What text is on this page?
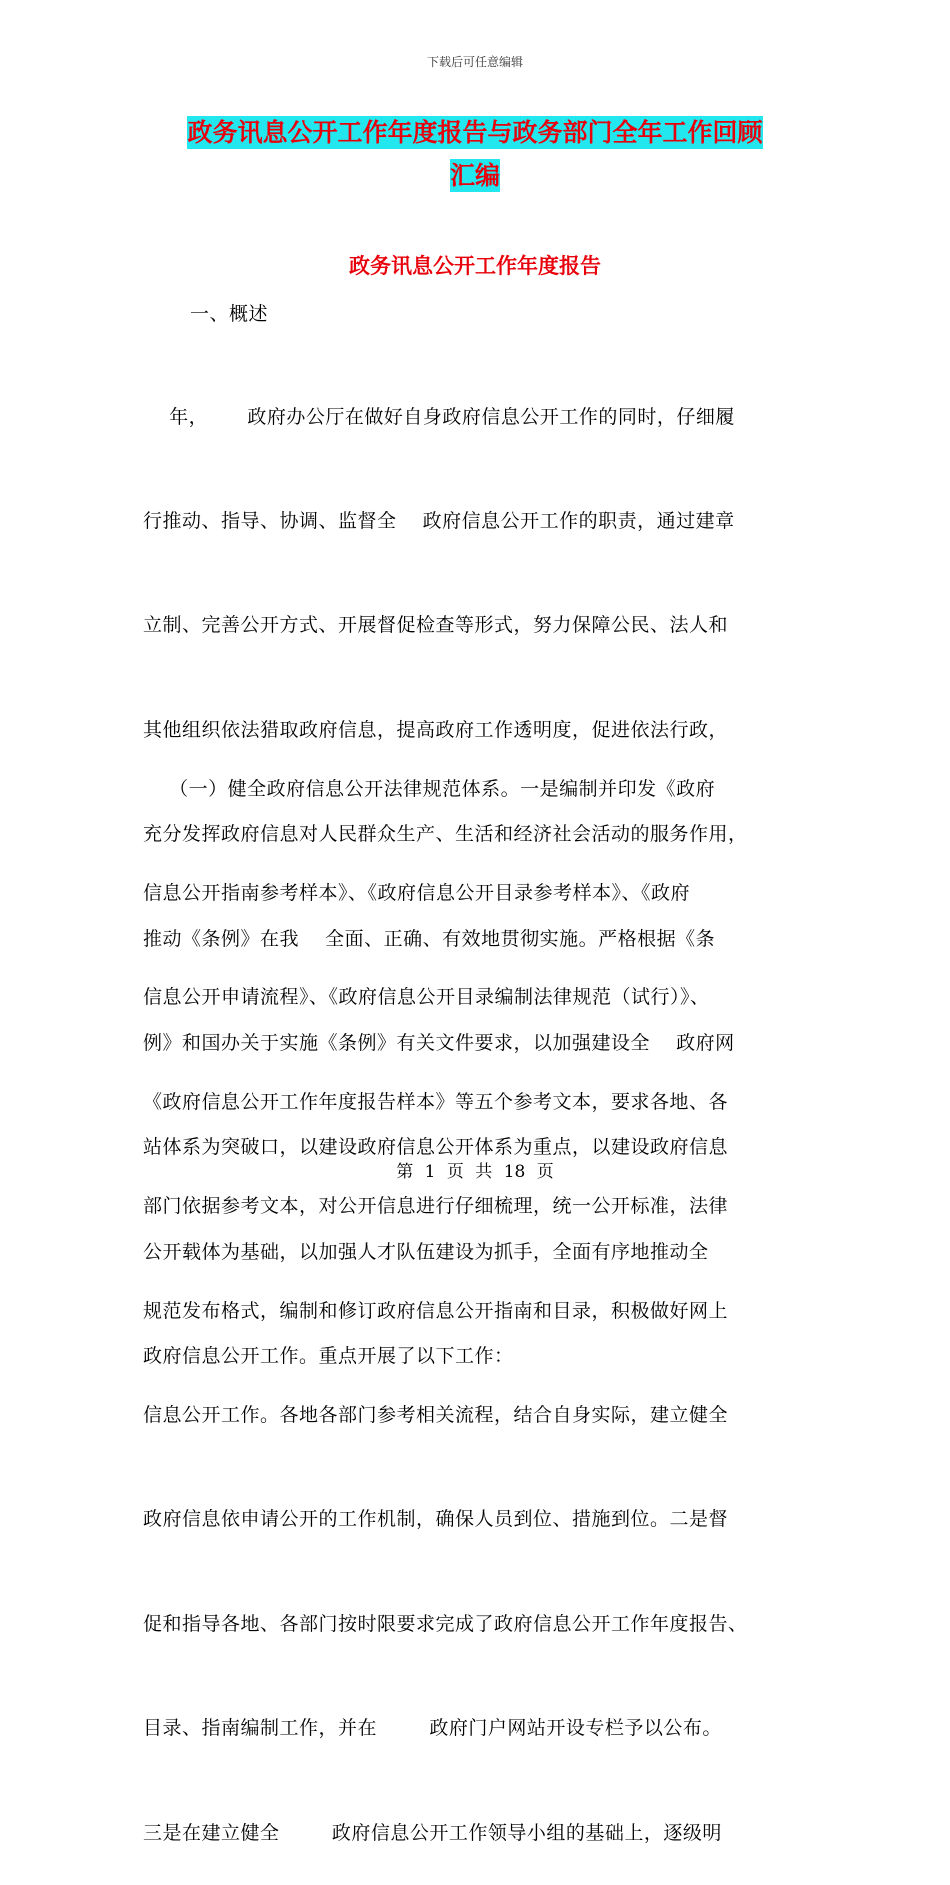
下载后可任意编辑
政务讯息公开工作年度报告与政务部门全年工作回顾
汇编
政务讯息公开工作年度报告
一、概述

年，      政府办公厅在做好自身政府信息公开工作的同时，仔细履

行推动、指导、协调、监督全    政府信息公开工作的职责，通过建章

立制、完善公开方式、开展督促检查等形式，努力保障公民、法人和

其他组织依法猎取政府信息，提高政府工作透明度，促进依法行政，

充分发挥政府信息对人民群众生产、生活和经济社会活动的服务作用，

推动《条例》在我    全面、正确、有效地贯彻实施。严格根据《条

例》和国办关于实施《条例》有关文件要求，以加强建设全    政府网

站体系为突破口，以建设政府信息公开体系为重点，以建设政府信息

公开载体为基础，以加强人才队伍建设为抓手，全面有序地推动全

政府信息公开工作。重点开展了以下工作：

（一）健全政府信息公开法律规范体系。一是编制并印发《政府

信息公开指南参考样本》、《政府信息公开目录参考样本》、《政府

信息公开申请流程》、《政府信息公开目录编制法律规范（试行）》、

《政府信息公开工作年度报告样本》等五个参考文本，要求各地、各

部门依据参考文本，对公开信息进行仔细梳理，统一公开标准，法律

规范发布格式，编制和修订政府信息公开指南和目录，积极做好网上

信息公开工作。各地各部门参考相关流程，结合自身实际，建立健全

政府信息依申请公开的工作机制，确保人员到位、措施到位。二是督

促和指导各地、各部门按时限要求完成了政府信息公开工作年度报告、

目录、指南编制工作，并在        政府门户网站开设专栏予以公布。

三是在建立健全        政府信息公开工作领导小组的基础上，逐级明

第 1 页 共 18 页
